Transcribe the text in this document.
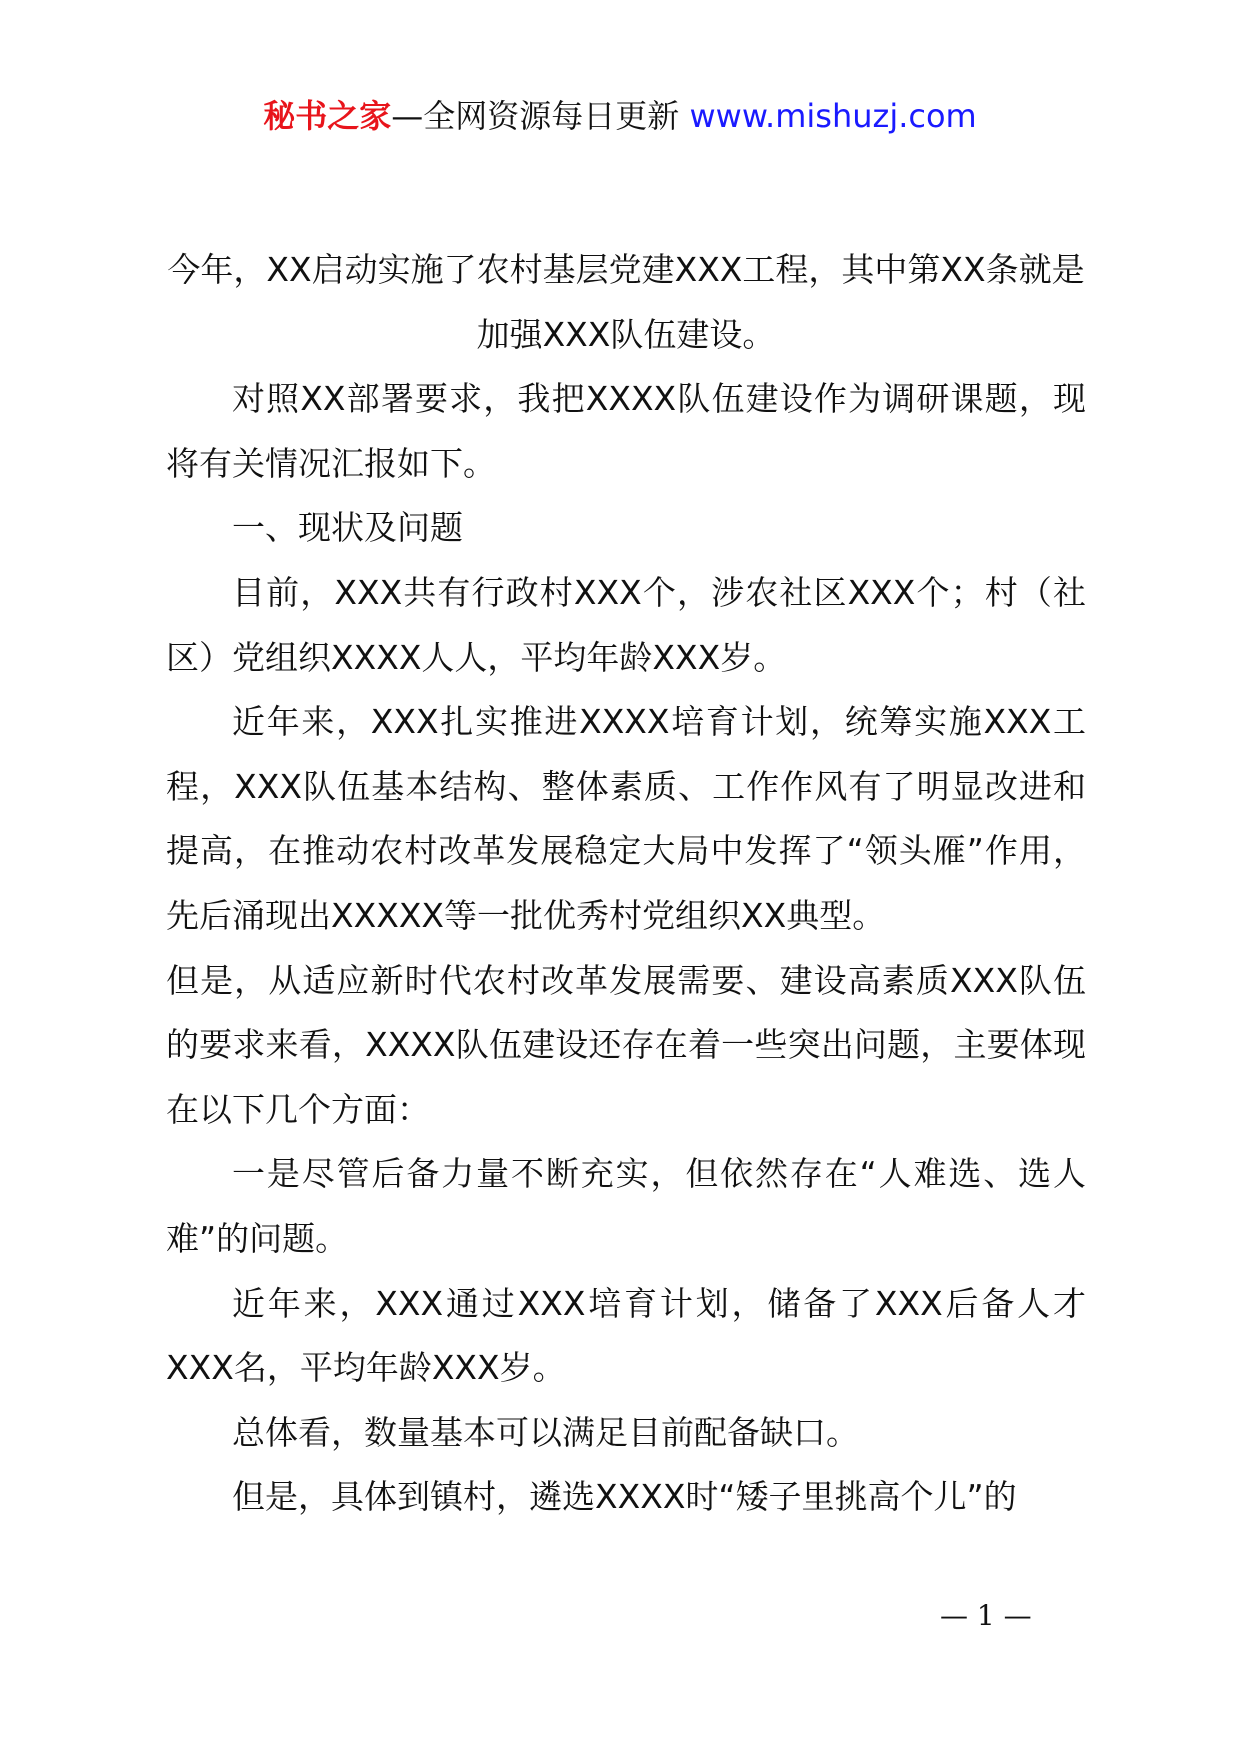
秘书之家—全网资源每日更新 www.mishuzj.com

今年，XX启动实施了农村基层党建XXX工程，其中第XX条就是加强XXX队伍建设。

对照XX部署要求，我把XXXX队伍建设作为调研课题，现将有关情况汇报如下。

一、现状及问题

目前，XXX共有行政村XXX个，涉农社区XXX个；村（社区）党组织XXXX人人，平均年龄XXX岁。

近年来，XXX扎实推进XXXX培育计划，统筹实施XXX工程，XXX队伍基本结构、整体素质、工作作风有了明显改进和提高，在推动农村改革发展稳定大局中发挥了“领头雁”作用，先后涌现出XXXXX等一批优秀村党组织XX典型。

但是，从适应新时代农村改革发展需要、建设高素质XXX队伍的要求来看，XXXX队伍建设还存在着一些突出问题，主要体现在以下几个方面：

一是尽管后备力量不断充实，但依然存在“人难选、选人难”的问题。

近年来，XXX通过XXX培育计划，储备了XXX后备人才XXX名，平均年龄XXX岁。

总体看，数量基本可以满足目前配备缺口。

但是，具体到镇村，遴选XXXX时“矮子里挑高个儿”的

— 1 —
